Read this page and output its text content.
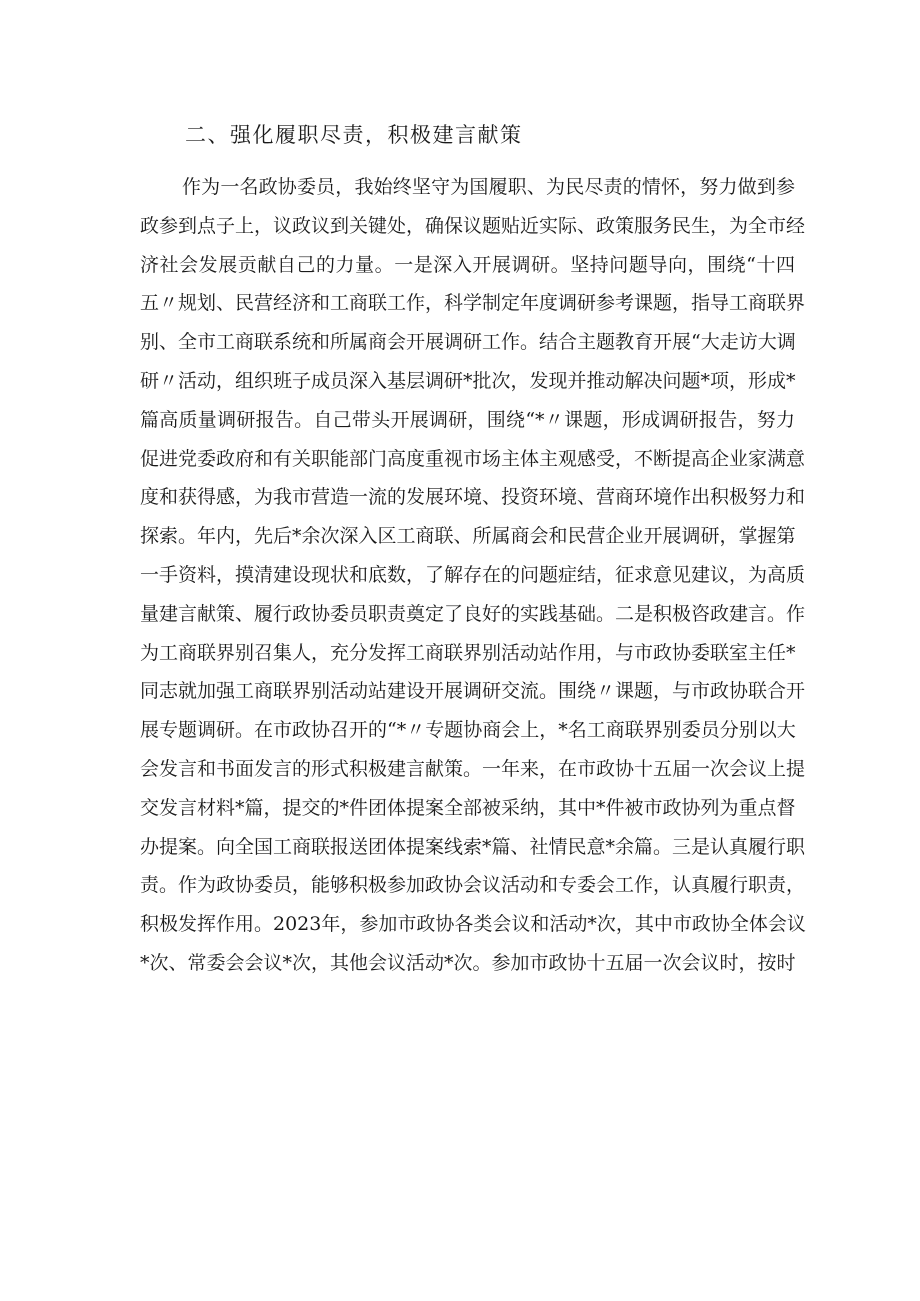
二、强化履职尽责，积极建言献策
作为一名政协委员，我始终坚守为国履职、为民尽责的情怀，努力做到参
政参到点子上，议政议到关键处，确保议题贴近实际、政策服务民生，为全市经
济社会发展贡献自己的力量。一是深入开展调研。坚持问题导向，围绕“十四
五〃规划、民营经济和工商联工作，科学制定年度调研参考课题，指导工商联界
别、全市工商联系统和所属商会开展调研工作。结合主题教育开展“大走访大调
研〃活动，组织班子成员深入基层调研*批次，发现并推动解决问题*项，形成*
篇高质量调研报告。自己带头开展调研，围绕“*〃课题，形成调研报告，努力
促进党委政府和有关职能部门高度重视市场主体主观感受，不断提高企业家满意
度和获得感，为我市营造一流的发展环境、投资环境、营商环境作出积极努力和
探索。年内，先后*余次深入区工商联、所属商会和民营企业开展调研，掌握第
一手资料，摸清建设现状和底数，了解存在的问题症结，征求意见建议，为高质
量建言献策、履行政协委员职责奠定了良好的实践基础。二是积极咨政建言。作
为工商联界别召集人，充分发挥工商联界别活动站作用，与市政协委联室主任*
同志就加强工商联界别活动站建设开展调研交流。围绕〃课题，与市政协联合开
展专题调研。在市政协召开的“*〃专题协商会上，*名工商联界别委员分别以大
会发言和书面发言的形式积极建言献策。一年来，在市政协十五届一次会议上提
交发言材料*篇，提交的*件团体提案全部被采纳，其中*件被市政协列为重点督
办提案。向全国工商联报送团体提案线索*篇、社情民意*余篇。三是认真履行职
责。作为政协委员，能够积极参加政协会议活动和专委会工作，认真履行职责，
积极发挥作用。2023年，参加市政协各类会议和活动*次，其中市政协全体会议
*次、常委会会议*次，其他会议活动*次。参加市政协十五届一次会议时，按时
